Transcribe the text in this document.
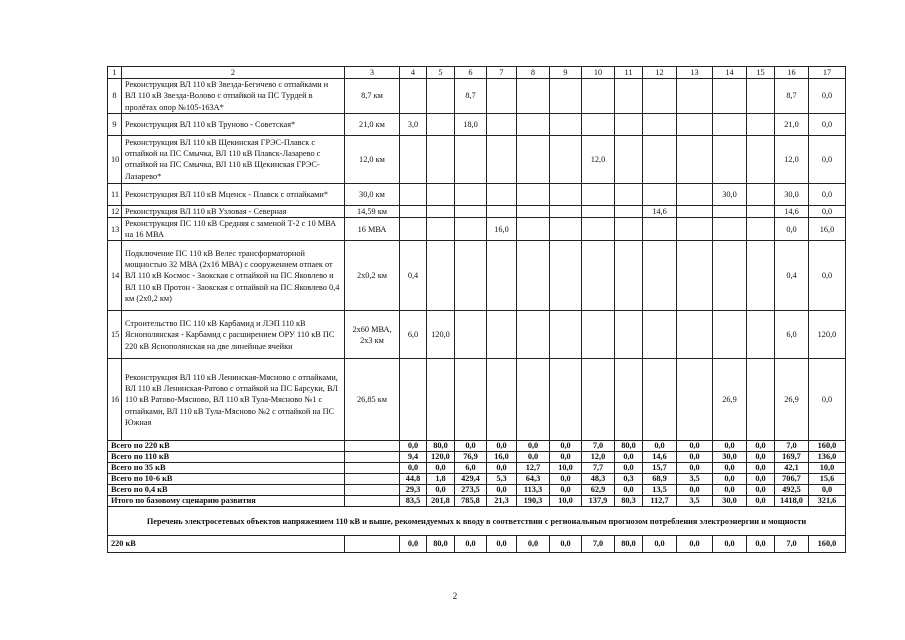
1	2	3	4	5	6	7	8	9	10	11	12	13	14	15	16	17
8	Реконструкция ВЛ 110 кВ Звезда-Бегичево с отпайками и ВЛ 110 кВ Звезда-Волово с отпайкой на ПС Турдей в пролётах опор №105-163А*	8,7 км			8,7										8,7	0,0
9	Реконструкция ВЛ 110 кВ Труново - Советская*	21,0 км	3,0		18,0										21,0	0,0
10	Реконструкция ВЛ 110 кВ Щекинская ГРЭС-Плавск с отпайкой на ПС Смычка, ВЛ 110 кВ Плавск-Лазарево с отпайкой на ПС Смычка, ВЛ 110 кВ Щекинская ГРЭС-Лазарево*	12,0 км							12,0						12,0	0,0
11	Реконструкция ВЛ 110 кВ Мценск - Плавск с отпайками*	30,0 км											30,0		30,0	0,0
12	Реконструкция ВЛ 110 кВ Узловая - Северная	14,59 км									14,6				14,6	0,0
13	Реконструкция ПС 110 кВ Средняя с заменой Т-2 с 10 МВА на 16 МВА	16 МВА				16,0									0,0	16,0
14	Подключение ПС 110 кВ Велес трансформаторной мощностью 32 МВА (2x16 МВА) с сооружением отпаек от ВЛ 110 кВ Космос - Заокская с отпайкой на ПС Яковлево и ВЛ 110 кВ Протон - Заокская с отпайкой на ПС Яковлево 0,4 км (2x0,2 км)	2x0,2 км	0,4												0,4	0,0
15	Строительство ПС 110 кВ Карбамид и ЛЭП 110 кВ Яснополянская - Карбамид с расширением ОРУ 110 кВ ПС 220 кВ Яснополянская на две линейные ячейки	2x60 МВА, 2x3 км	6,0	120,0											6,0	120,0
16	Реконструкция ВЛ 110 кВ Ленинская-Мясново с отпайками, ВЛ 110 кВ Ленинская-Ратово с отпайкой на ПС Барсуки, ВЛ 110 кВ Ратово-Мясново, ВЛ 110 кВ Тула-Мясново №1 с отпайками, ВЛ 110 кВ Тула-Мясново №2 с отпайкой на ПС Южная	26,85 км											26,9		26,9	0,0
Всего по 220 кВ			0,0	80,0	0,0	0,0	0,0	0,0	7,0	80,0	0,0	0,0	0,0	0,0	7,0	160,0
Всего по 110 кВ			9,4	120,0	76,9	16,0	0,0	0,0	12,0	0,0	14,6	0,0	30,0	0,0	169,7	136,0
Всего по 35 кВ			0,0	0,0	6,0	0,0	12,7	10,0	7,7	0,0	15,7	0,0	0,0	0,0	42,1	10,0
Всего по 10-6 кВ			44,8	1,8	429,4	5,3	64,3	0,0	48,3	0,3	68,9	3,5	0,0	0,0	706,7	15,6
Всего по 0,4 кВ			29,3	0,0	273,5	0,0	113,3	0,0	62,9	0,0	13,5	0,0	0,0	0,0	492,5	0,0
Итого по базовому сценарию развития			83,5	201,8	785,8	21,3	190,3	10,0	137,9	80,3	112,7	3,5	30,0	0,0	1418,0	321,6
Перечень электросетевых объектов напряжением 110 кВ и выше, рекомендуемых к вводу в соответствии с региональным прогнозом потребления электроэнергии и мощности																
220 кВ			0,0	80,0	0,0	0,0	0,0	0,0	7,0	80,0	0,0	0,0	0,0	0,0	7,0	160,0
2
